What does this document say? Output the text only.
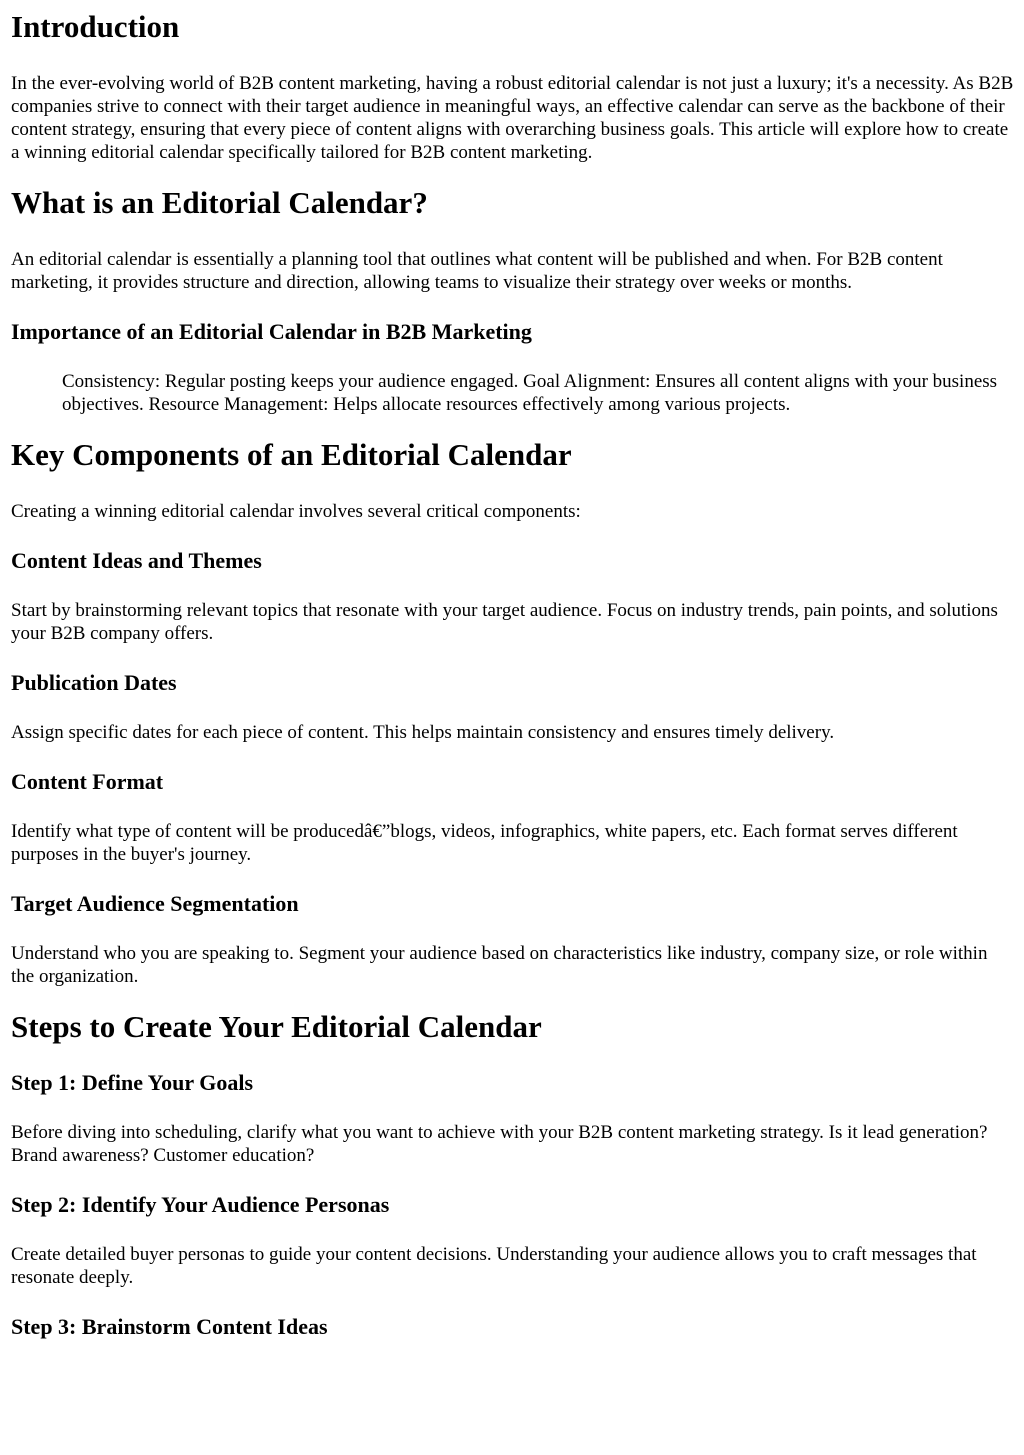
Introduction

In the ever-evolving world of B2B content marketing, having a robust editorial calendar is not just a luxury; it's a necessity. As B2B companies strive to connect with their target audience in meaningful ways, an effective calendar can serve as the backbone of their content strategy, ensuring that every piece of content aligns with overarching business goals. This article will explore how to create a winning editorial calendar specifically tailored for B2B content marketing.

What is an Editorial Calendar?

An editorial calendar is essentially a planning tool that outlines what content will be published and when. For B2B content marketing, it provides structure and direction, allowing teams to visualize their strategy over weeks or months.

Importance of an Editorial Calendar in B2B Marketing
Consistency: Regular posting keeps your audience engaged. Goal Alignment: Ensures all content aligns with your business objectives. Resource Management: Helps allocate resources effectively among various projects.
Key Components of an Editorial Calendar

Creating a winning editorial calendar involves several critical components:

Content Ideas and Themes

Start by brainstorming relevant topics that resonate with your target audience. Focus on industry trends, pain points, and solutions your B2B company offers.

Publication Dates

Assign specific dates for each piece of content. This helps maintain consistency and ensures timely delivery.

Content Format

Identify what type of content will be producedâ€”blogs, videos, infographics, white papers, etc. Each format serves different purposes in the buyer's journey.

Target Audience Segmentation

Understand who you are speaking to. Segment your audience based on characteristics like industry, company size, or role within the organization.

Steps to Create Your Editorial Calendar
Step 1: Define Your Goals

Before diving into scheduling, clarify what you want to achieve with your B2B content marketing strategy. Is it lead generation? Brand awareness? Customer education?

Step 2: Identify Your Audience Personas

Create detailed buyer personas to guide your content decisions. Understanding your audience allows you to craft messages that resonate deeply.

Step 3: Brainstorm Content Ideas
